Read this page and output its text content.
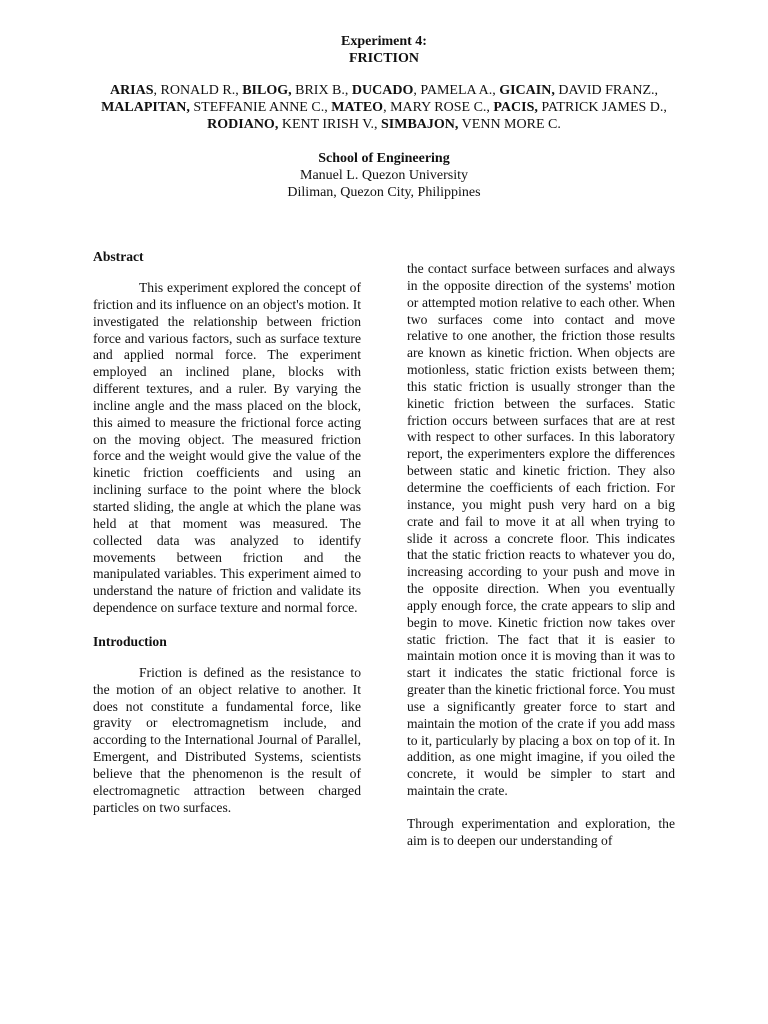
Experiment 4:
FRICTION
ARIAS, RONALD R., BILOG, BRIX B., DUCADO, PAMELA A., GICAIN, DAVID FRANZ., MALAPITAN, STEFFANIE ANNE C., MATEO, MARY ROSE C., PACIS, PATRICK JAMES D., RODIANO, KENT IRISH V., SIMBAJON, VENN MORE C.
School of Engineering
Manuel L. Quezon University
Diliman, Quezon City, Philippines

Abstract

This experiment explored the concept of friction and its influence on an object's motion. It investigated the relationship between friction force and various factors, such as surface texture and applied normal force. The experiment employed an inclined plane, blocks with different textures, and a ruler. By varying the incline angle and the mass placed on the block, this aimed to measure the frictional force acting on the moving object. The measured friction force and the weight would give the value of the kinetic friction coefficients and using an inclining surface to the point where the block started sliding, the angle at which the plane was held at that moment was measured. The collected data was analyzed to identify movements between friction and the manipulated variables. This experiment aimed to understand the nature of friction and validate its dependence on surface texture and normal force.

Introduction

Friction is defined as the resistance to the motion of an object relative to another. It does not constitute a fundamental force, like gravity or electromagnetism include, and according to the International Journal of Parallel, Emergent, and Distributed Systems, scientists believe that the phenomenon is the result of electromagnetic attraction between charged particles on two surfaces.

the contact surface between surfaces and always in the opposite direction of the systems' motion or attempted motion relative to each other. When two surfaces come into contact and move relative to one another, the friction those results are known as kinetic friction. When objects are motionless, static friction exists between them; this static friction is usually stronger than the kinetic friction between the surfaces. Static friction occurs between surfaces that are at rest with respect to other surfaces. In this laboratory report, the experimenters explore the differences between static and kinetic friction. They also determine the coefficients of each friction. For instance, you might push very hard on a big crate and fail to move it at all when trying to slide it across a concrete floor. This indicates that the static friction reacts to whatever you do, increasing according to your push and move in the opposite direction. When you eventually apply enough force, the crate appears to slip and begin to move. Kinetic friction now takes over static friction. The fact that it is easier to maintain motion once it is moving than it was to start it indicates the static frictional force is greater than the kinetic frictional force. You must use a significantly greater force to start and maintain the motion of the crate if you add mass to it, particularly by placing a box on top of it. In addition, as one might imagine, if you oiled the concrete, it would be simpler to start and maintain the crate.

Through experimentation and exploration, the aim is to deepen our understanding of
